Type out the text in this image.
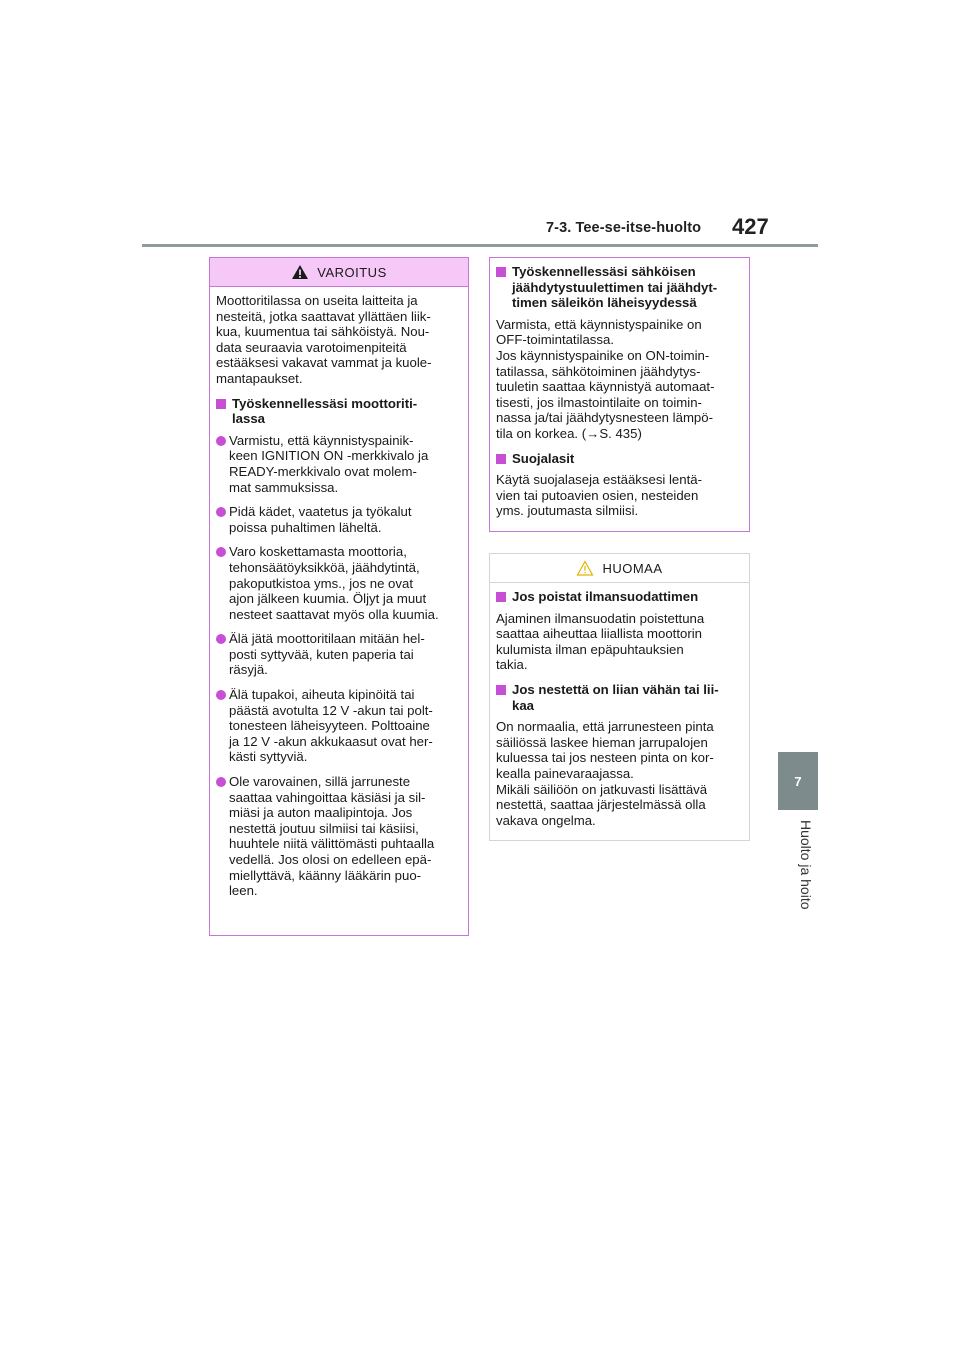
7-3. Tee-se-itse-huolto 427
7
Huolto ja hoito
VAROITUS

Moottoritilassa on useita laitteita ja
nesteitä, jotka saattavat yllättäen liik-
kua, kuumentua tai sähköistyä. Nou-
data seuraavia varotoimenpiteitä
estääksesi vakavat vammat ja kuole-
mantapaukset.

Työskennellessäsi moottoriti-
lassa
Varmistu, että käynnistyspainik-
keen IGNITION ON -merkkivalo ja
READY-merkkivalo ovat molem-
mat sammuksissa.
Pidä kädet, vaatetus ja työkalut
poissa puhaltimen läheltä.
Varo koskettamasta moottoria,
tehonsäätöyksikköä, jäähdytintä,
pakoputkistoa yms., jos ne ovat
ajon jälkeen kuumia. Öljyt ja muut
nesteet saattavat myös olla kuumia.
Älä jätä moottoritilaan mitään hel-
posti syttyvää, kuten paperia tai
räsyjä.
Älä tupakoi, aiheuta kipinöitä tai
päästä avotulta 12 V -akun tai polt-
tonesteen läheisyyteen. Polttoaine
ja 12 V -akun akkukaasut ovat her-
kästi syttyviä.
Ole varovainen, sillä jarruneste
saattaa vahingoittaa käsiäsi ja sil-
miäsi ja auton maalipintoja. Jos
nestettä joutuu silmiisi tai käsiisi,
huuhtele niitä välittömästi puhtaalla
vedellä. Jos olosi on edelleen epä-
miellyttävä, käänny lääkärin puo-
leen.
Työskennellessäsi sähköisen
jäähdytystuulettimen tai jäähdyt-
timen säleikön läheisyydessä

Varmista, että käynnistyspainike on
OFF-toimintatilassa.
Jos käynnistyspainike on ON-toimin-
tatilassa, sähkötoiminen jäähdytys-
tuuletin saattaa käynnistyä automaat-
tisesti, jos ilmastointilaite on toimin-
nassa ja/tai jäähdytysnesteen lämpö-
tila on korkea. (→S. 435)

Suojalasit

Käytä suojalaseja estääksesi lentä-
vien tai putoavien osien, nesteiden
yms. joutumasta silmiisi.

HUOMAA
Jos poistat ilmansuodattimen

Ajaminen ilmansuodatin poistettuna
saattaa aiheuttaa liiallista moottorin
kulumista ilman epäpuhtauksien
takia.

Jos nestettä on liian vähän tai lii-
kaa

On normaalia, että jarrunesteen pinta
säiliössä laskee hieman jarrupalojen
kuluessa tai jos nesteen pinta on kor-
kealla painevaraajassa.
Mikäli säiliöön on jatkuvasti lisättävä
nestettä, saattaa järjestelmässä olla
vakava ongelma.
